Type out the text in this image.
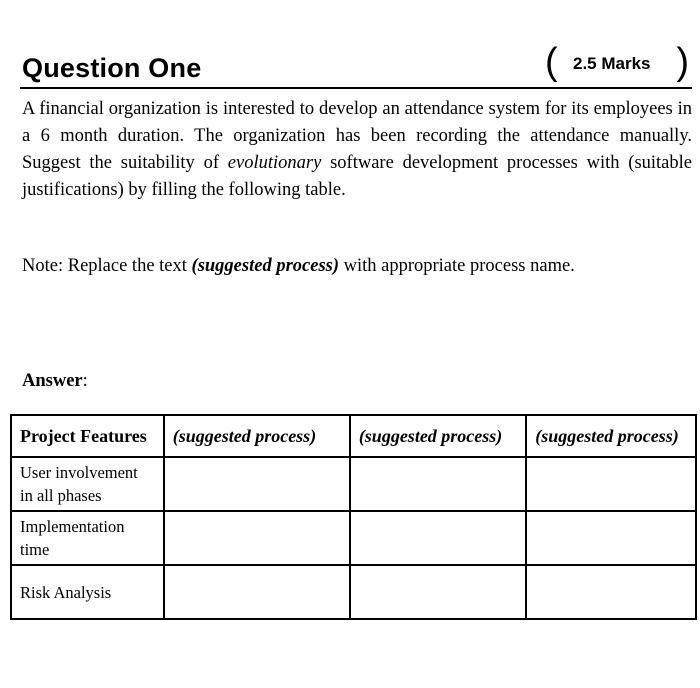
Question One	( 2.5 Marks )
A financial organization is interested to develop an attendance system for its employees in a 6 month duration. The organization has been recording the attendance manually. Suggest the suitability of evolutionary software development processes with (suitable justifications) by filling the following table.
Note: Replace the text (suggested process) with appropriate process name.
Answer:
Project Features	(suggested process)	(suggested process)	(suggested process)
User involvement in all phases			
Implementation time			
Risk Analysis			
